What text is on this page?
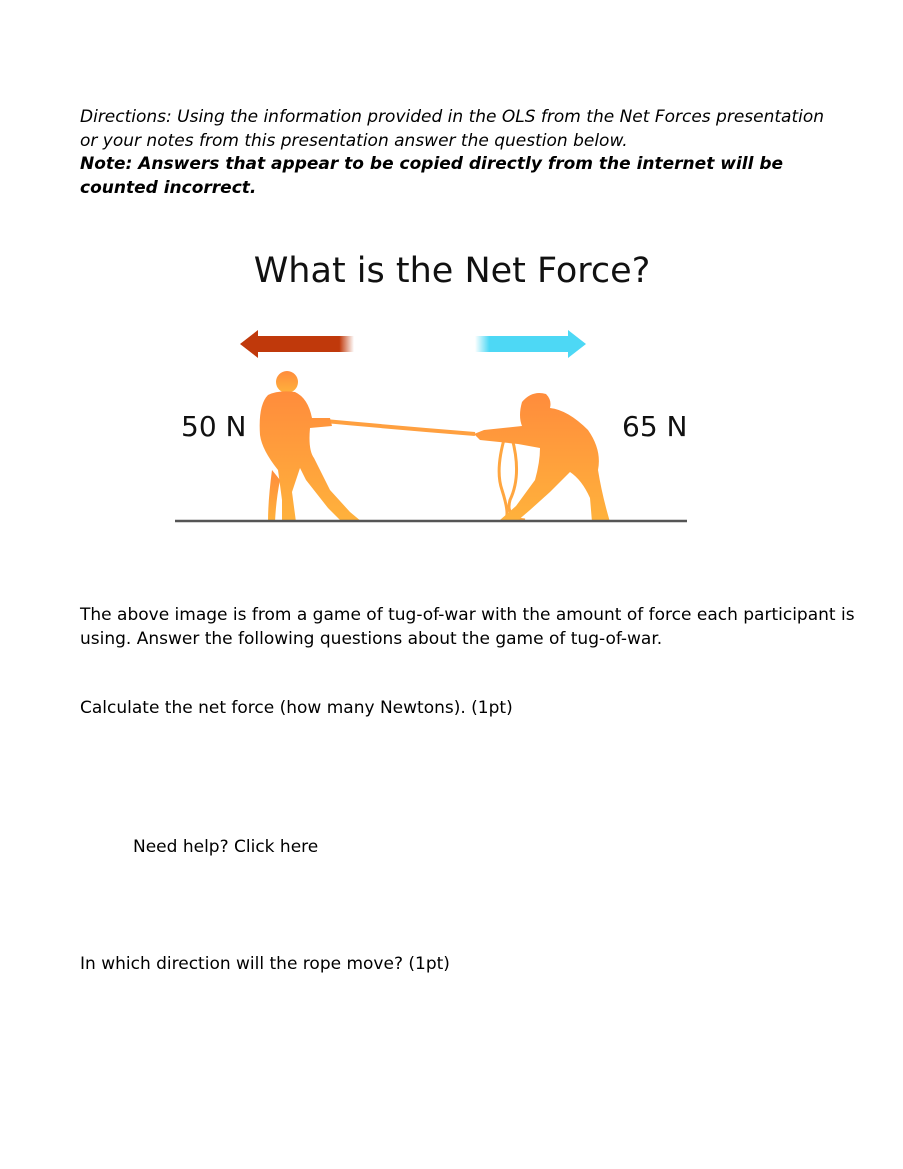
Directions: Using the information provided in the OLS from the Net Forces presentation or your notes from this presentation answer the question below.
Note: Answers that appear to be copied directly from the internet will be counted incorrect.
What is the Net Force?
50 N	65 N
The above image is from a game of tug-of-war with the amount of force each participant is using. Answer the following questions about the game of tug-of-war.
Calculate the net force (how many Newtons). (1pt)
Need help? Click here
In which direction will the rope move? (1pt)
